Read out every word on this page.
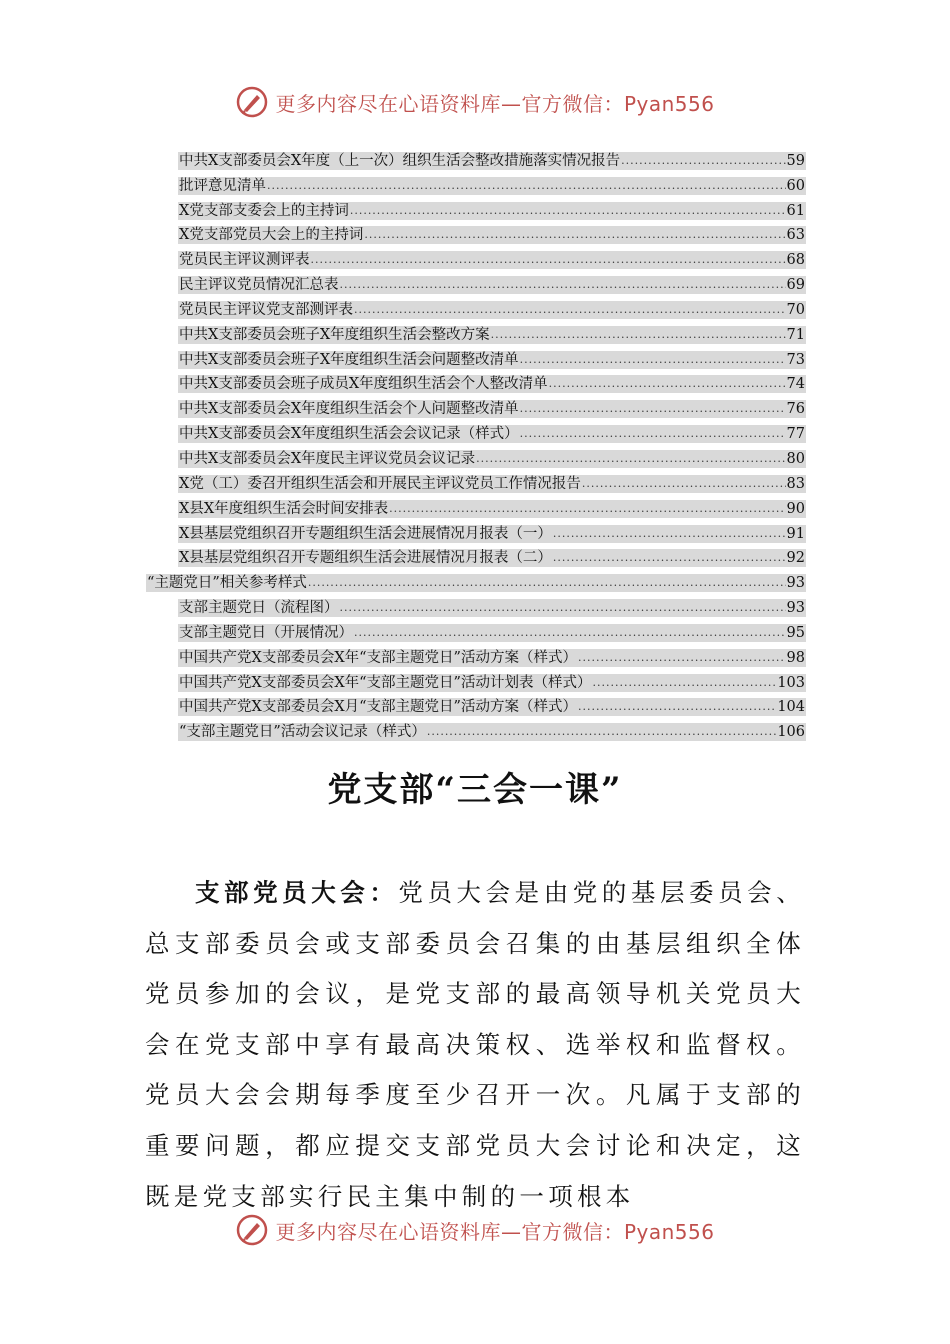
更多内容尽在心语资料库—官方微信：Pyan556
中共X支部委员会X年度（上一次）组织生活会整改措施落实情况报告 .....	59
批评意见清单 .....	60
X党支部支委会上的主持词 .....	61
X党支部党员大会上的主持词 .....	63
党员民主评议测评表 .....	68
民主评议党员情况汇总表 .....	69
党员民主评议党支部测评表 .....	70
中共X支部委员会班子X年度组织生活会整改方案 .....	71
中共X支部委员会班子X年度组织生活会问题整改清单 .....	73
中共X支部委员会班子成员X年度组织生活会个人整改清单 .....	74
中共X支部委员会X年度组织生活会个人问题整改清单 .....	76
中共X支部委员会X年度组织生活会会议记录（样式） .....	77
中共X支部委员会X年度民主评议党员会议记录 .....	80
X党（工）委召开组织生活会和开展民主评议党员工作情况报告 .....	83
X县X年度组织生活会时间安排表 .....	90
X县基层党组织召开专题组织生活会进展情况月报表（一） .....	91
X县基层党组织召开专题组织生活会进展情况月报表（二） .....	92
“主题党日”相关参考样式 .....	93
支部主题党日（流程图） .....	93
支部主题党日（开展情况） .....	95
中国共产党X支部委员会X年“支部主题党日”活动方案（样式） .....	98
中国共产党X支部委员会X年“支部主题党日”活动计划表（样式） .....	103
中国共产党X支部委员会X月“支部主题党日”活动方案（样式） .....	104
“支部主题党日”活动会议记录（样式） .....	106
党支部“三会一课”
支部党员大会：党员大会是由党的基层委员会、总支部委员会或支部委员会召集的由基层组织全体党员参加的会议，是党支部的最高领导机关党员大会在党支部中享有最高决策权、选举权和监督权。党员大会会期每季度至少召开一次。凡属于支部的重要问题，都应提交支部党员大会讨论和决定，这既是党支部实行民主集中制的一项根本
更多内容尽在心语资料库—官方微信：Pyan556
